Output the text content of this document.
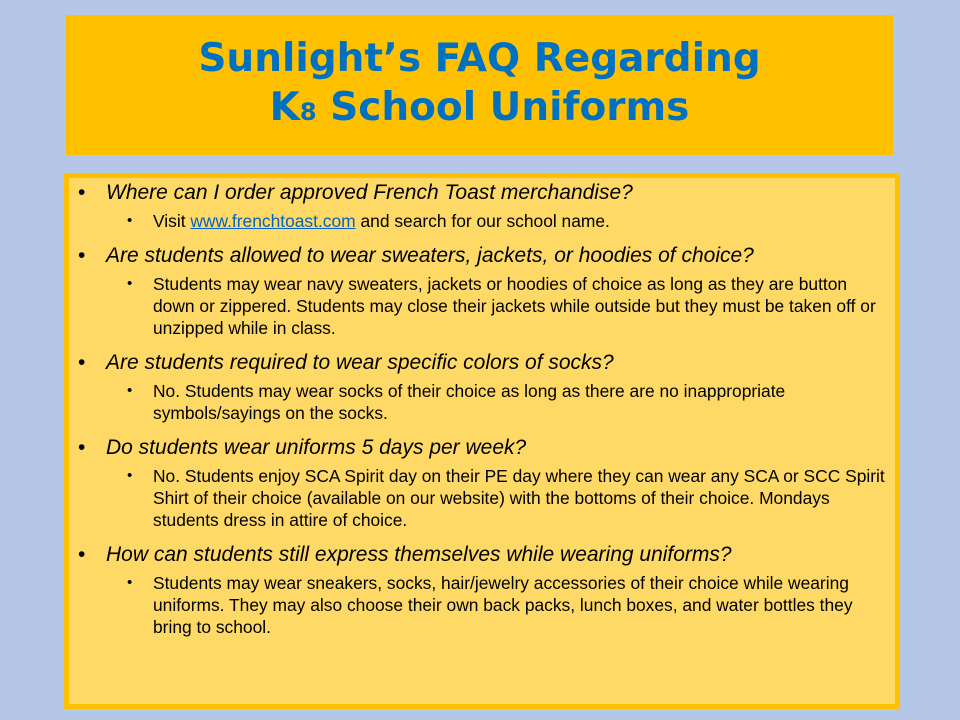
Sunlight’s FAQ Regarding
K8 School Uniforms
• Where can I order approved French Toast merchandise?
• Visit www.frenchtoast.com and search for our school name.
• Are students allowed to wear sweaters, jackets, or hoodies of choice?
• Students may wear navy sweaters, jackets or hoodies of choice as long as they are button down or zippered. Students may close their jackets while outside but they must be taken off or unzipped while in class.
• Are students required to wear specific colors of socks?
• No. Students may wear socks of their choice as long as there are no inappropriate symbols/sayings on the socks.
• Do students wear uniforms 5 days per week?
• No. Students enjoy SCA Spirit day on their PE day where they can wear any SCA or SCC Spirit Shirt of their choice (available on our website) with the bottoms of their choice. Mondays students dress in attire of choice.
• How can students still express themselves while wearing uniforms?
• Students may wear sneakers, socks, hair/jewelry accessories of their choice while wearing uniforms. They may also choose their own back packs, lunch boxes, and water bottles they bring to school.
